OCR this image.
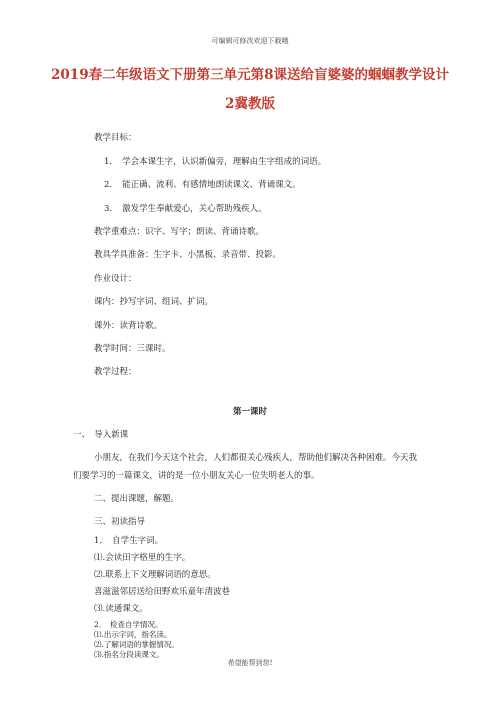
可编辑可修改欢迎下载哦
2019春二年级语文下册第三单元第8课送给盲婆婆的蝈蝈教学设计
2冀教版
教学目标：
1．　学会本课生字，认识新偏旁，理解由生字组成的词语。
2．　能正确、流利、有感情地朗读课文、背诵课文。
3．　激发学生奉献爱心，关心帮助残疾人。
教学重难点：识字、写字；朗读、背诵诗歌。
教具学具准备：生字卡、小黑板、录音带、投影。
作业设计：
课内：抄写字词、组词、扩词。
课外：读背诗歌。
教学时间：三课时。
教学过程：
第一课时
一、　导入新课
小朋友，在我们今天这个社会，人们都很关心残疾人，帮助他们解决各种困难。今天我
们要学习的一篇课文，讲的是一位小朋友关心一位失明老人的事。
二、提出课题，解题。
三、初读指导
1．　自学生字词。
⑴.会读田字格里的生字。
⑵.联系上下文理解词语的意思。
喜滋滋邻居送给田野欢乐童年清波巷
⑶.读通课文。
希望能帮到您!
2．　检查自学情况。
⑴.出示字词，指名读。
⑵.了解词语的掌握情况。
⑶.指名分段读课文。
